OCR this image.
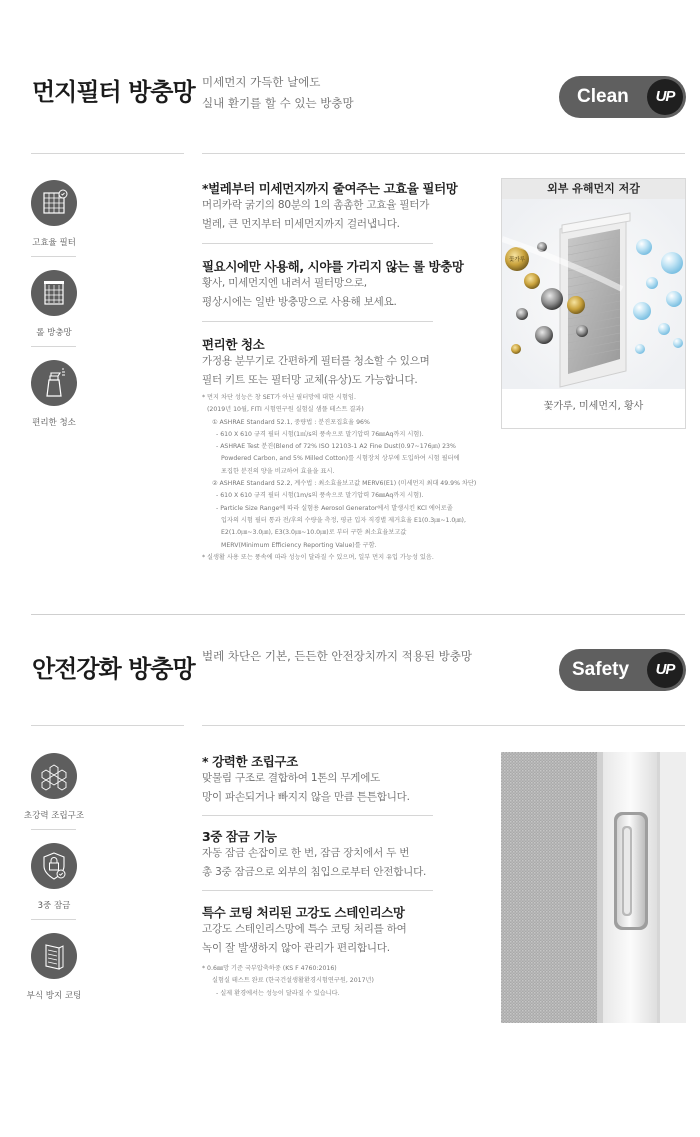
먼지필터 방충망 미세먼지 가득한 날에도
실내 환기를 할 수 있는 방충망	Clean	UP
고효율 필터
롤 방충망
편리한 청소
*벌레부터 미세먼지까지 줄여주는 고효율 필터망
머리카락 굵기의 80분의 1의 촘촘한 고효율 필터가
벌레, 큰 먼지부터 미세먼지까지 걸러냅니다.
필요시에만 사용해, 시야를 가리지 않는 롤 방충망
황사, 미세먼지엔 내려서 필터망으로,
평상시에는 일반 방충망으로 사용해 보세요.
편리한 청소
가정용 분무기로 간편하게 필터를 청소할 수 있으며
필터 키트 또는 필터망 교체(유상)도 가능합니다.
* 먼지 차단 성능은 창 SET가 아닌 필터망에 대한 시험임.
(2019년 10월, FITI 시험연구원 실험실 샘플 테스트 결과)
① ASHRAE Standard 52.1, 중량법 : 분진포집효율 96%
- 610 X 610 규격 필터 시험(1㎥/s의 풍속으로 말기압력 76㎜Aq까지 시험).
- ASHRAE Test 분진(Blend of 72% ISO 12103-1 A2 Fine Dust(0.97~176㎛) 23%
Powdered Carbon, and 5% Milled Cotton)를 시험장치 상부에 도입하여 시험 필터에
포집한 분진의 양을 비교하여 효율을 표시.
② ASHRAE Standard 52.2, 계수법 : 최소효율보고값 MERV6(E1) (미세먼지 최대 49.9% 차단)
- 610 X 610 규격 필터 시험(1m/s의 풍속으로 말기압력 76㎜Aq까지 시험).
- Particle Size Range에 따라 실험용 Aerosol Generator에서 발생시킨 KCl 에어로졸
입자의 시험 필터 통과 전/후의 수량을 측정, 평균 입자 직경별 제거효율 E1(0.3㎛~1.0㎛),
E2(1.0㎛~3.0㎛), E3(3.0㎛~10.0㎛)로 부터 구한 최소효율보고값
MERV(Minimum Efficiency Reporting Value)를 구함.
* 실생활 사용 또는 풍속에 따라 성능이 달라질 수 있으며, 일부 먼지 유입 가능성 있음.
외부 유해먼지 저감
꽃가루
꽃가루, 미세먼지, 황사
안전강화 방충망 벌레 차단은 기본, 든든한 안전장치까지 적용된 방충망
Safety	UP
초강력 조립구조
3중 잠금
부식 방지 코팅
* 강력한 조립구조
맞물림 구조로 결합하여 1톤의 무게에도
망이 파손되거나 빠지지 않을 만큼 튼튼합니다.
3중 잠금 기능
자동 잠금 손잡이로 한 번, 잠금 장치에서 두 번
총 3중 잠금으로 외부의 침입으로부터 안전합니다.
특수 코팅 처리된 고강도 스테인리스망
고강도 스테인리스망에 특수 코팅 처리를 하여
녹이 잘 발생하지 않아 관리가 편리합니다.
* 0.6㎜망 기준 국부압축하중 (KS F 4760:2016)
실험실 테스트 완료 (한국건설생활환경시험연구원, 2017년)
- 실제 환경에서는 성능이 달라질 수 있습니다.
